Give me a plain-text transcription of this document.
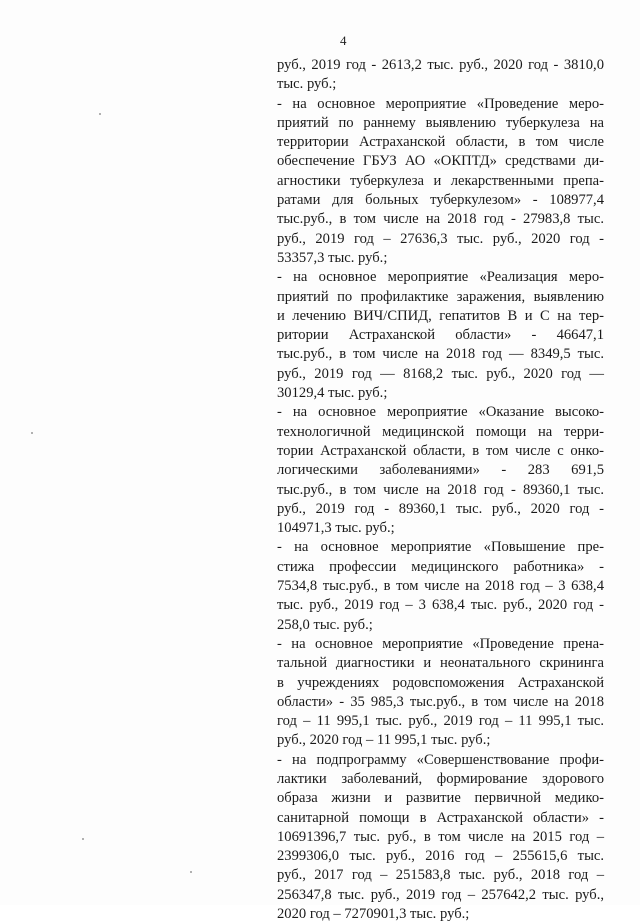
4
руб., 2019 год - 2613,2 тыс. руб., 2020 год - 3810,0
тыс. руб.;
- на основное мероприятие «Проведение меро-
приятий по раннему выявлению туберкулеза на
территории Астраханской области, в том числе
обеспечение ГБУЗ АО «ОКПТД» средствами ди-
агностики туберкулеза и лекарственными препа-
ратами для больных туберкулезом» - 108977,4
тыс.руб., в том числе на 2018 год - 27983,8 тыс.
руб., 2019 год – 27636,3 тыс. руб., 2020 год -
53357,3 тыс. руб.;
- на основное мероприятие «Реализация меро-
приятий по профилактике заражения, выявлению
и лечению ВИЧ/СПИД, гепатитов В и С на тер-
ритории Астраханской области» - 46647,1
тыс.руб., в том числе на 2018 год — 8349,5 тыс.
руб., 2019 год — 8168,2 тыс. руб., 2020 год —
30129,4 тыс. руб.;
- на основное мероприятие «Оказание высоко-
технологичной медицинской помощи на терри-
тории Астраханской области, в том числе с онко-
логическими заболеваниями» - 283 691,5
тыс.руб., в том числе на 2018 год - 89360,1 тыс.
руб., 2019 год - 89360,1 тыс. руб., 2020 год -
104971,3 тыс. руб.;
- на основное мероприятие «Повышение пре-
стижа профессии медицинского работника» -
7534,8 тыс.руб., в том числе на 2018 год – 3 638,4
тыс. руб., 2019 год – 3 638,4 тыс. руб., 2020 год -
258,0 тыс. руб.;
- на основное мероприятие «Проведение прена-
тальной диагностики и неонатального скрининга
в учреждениях родовспоможения Астраханской
области» - 35 985,3 тыс.руб., в том числе на 2018
год – 11 995,1 тыс. руб., 2019 год – 11 995,1 тыс.
руб., 2020 год – 11 995,1 тыс. руб.;
- на подпрограмму «Совершенствование профи-
лактики заболеваний, формирование здорового
образа жизни и развитие первичной медико-
санитарной помощи в Астраханской области» -
10691396,7 тыс. руб., в том числе на 2015 год –
2399306,0 тыс. руб., 2016 год – 255615,6 тыс.
руб., 2017 год – 251583,8 тыс. руб., 2018 год –
256347,8 тыс. руб., 2019 год – 257642,2 тыс. руб.,
2020 год – 7270901,3 тыс. руб.;
